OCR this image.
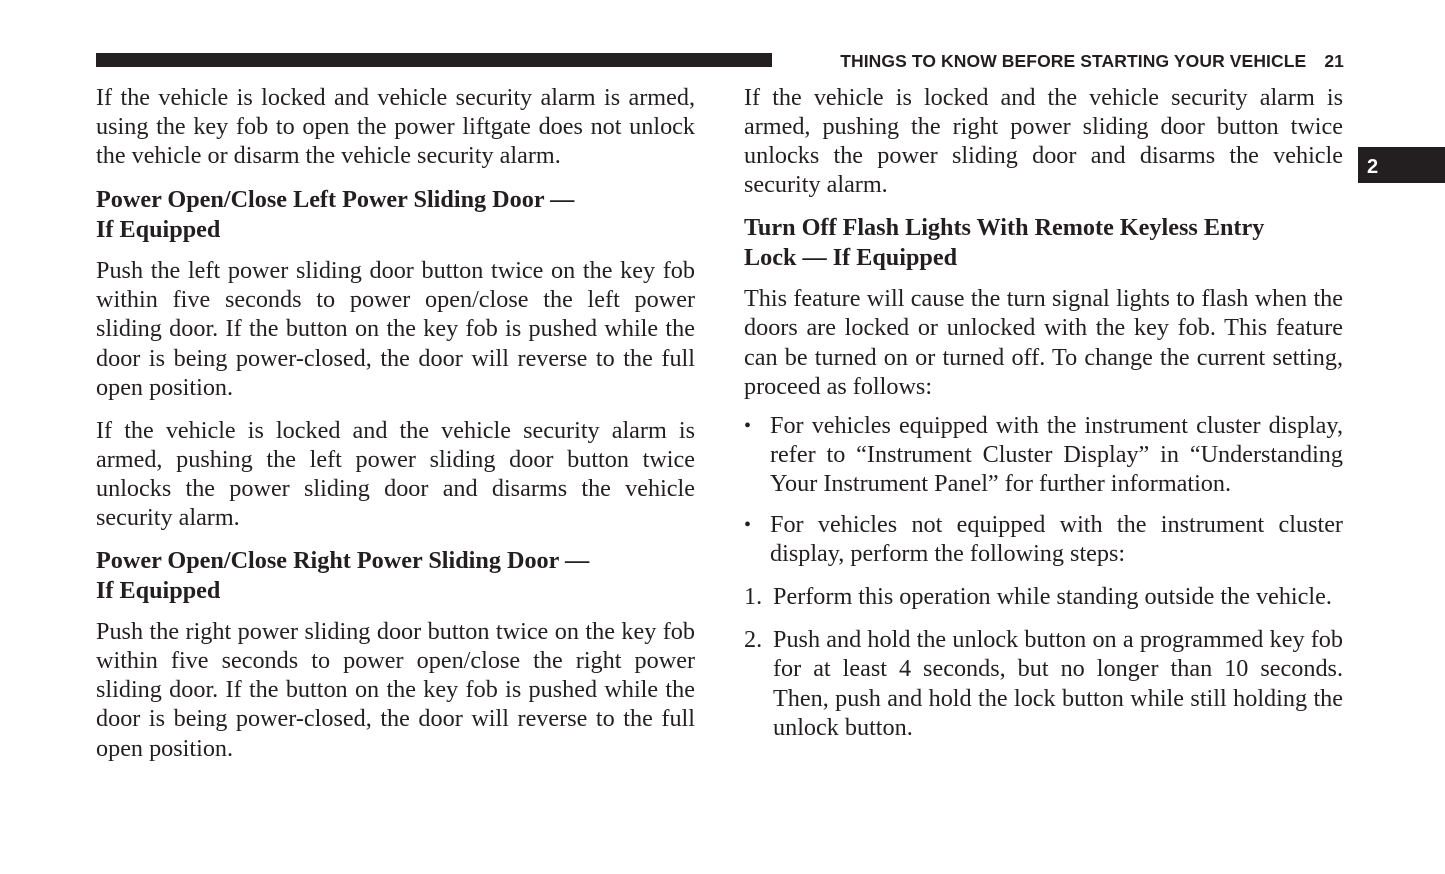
THINGS TO KNOW BEFORE STARTING YOUR VEHICLE 21
2

If the vehicle is locked and vehicle security alarm is armed, using the key fob to open the power liftgate does not unlock the vehicle or disarm the vehicle security alarm.

Power Open/Close Left Power Sliding Door —
If Equipped

Push the left power sliding door button twice on the key fob within five seconds to power open/close the left power sliding door. If the button on the key fob is pushed while the door is being power-closed, the door will reverse to the full open position.

If the vehicle is locked and the vehicle security alarm is armed, pushing the left power sliding door button twice unlocks the power sliding door and disarms the vehicle security alarm.

Power Open/Close Right Power Sliding Door —
If Equipped

Push the right power sliding door button twice on the key fob within five seconds to power open/close the right power sliding door. If the button on the key fob is pushed while the door is being power-closed, the door will reverse to the full open position.

If the vehicle is locked and the vehicle security alarm is armed, pushing the right power sliding door button twice unlocks the power sliding door and disarms the vehicle security alarm.

Turn Off Flash Lights With Remote Keyless Entry
Lock — If Equipped

This feature will cause the turn signal lights to flash when the doors are locked or unlocked with the key fob. This feature can be turned on or turned off. To change the current setting, proceed as follows:

• For vehicles equipped with the instrument cluster display, refer to “Instrument Cluster Display” in “Understanding Your Instrument Panel” for further information.
• For vehicles not equipped with the instrument cluster display, perform the following steps:
1. Perform this operation while standing outside the vehicle.
2. Push and hold the unlock button on a programmed key fob for at least 4 seconds, but no longer than 10 seconds. Then, push and hold the lock button while still holding the unlock button.
